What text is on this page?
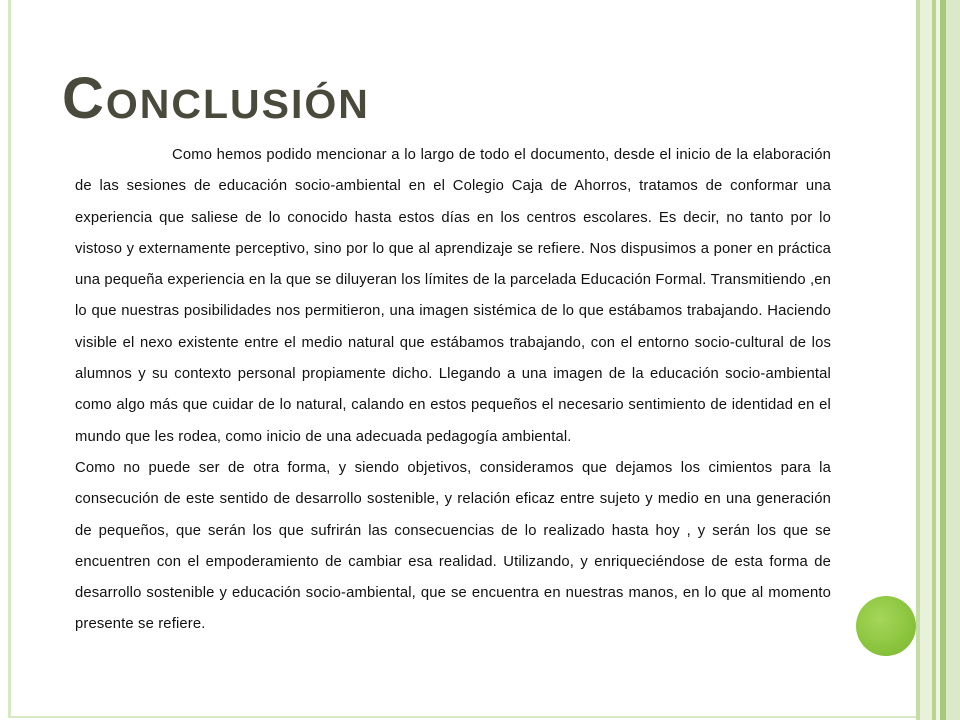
Conclusión

Como hemos podido mencionar a lo largo de todo el documento, desde el inicio de la elaboración de las sesiones de educación socio-ambiental en el Colegio Caja de Ahorros, tratamos de conformar una experiencia que saliese de lo conocido hasta estos días en los centros escolares. Es decir, no tanto por lo vistoso y externamente perceptivo, sino por lo que al aprendizaje se refiere. Nos dispusimos a poner en práctica una pequeña experiencia en la que se diluyeran los límites de la parcelada Educación Formal. Transmitiendo ,en lo que nuestras posibilidades nos permitieron, una imagen sistémica de lo que estábamos trabajando. Haciendo visible el nexo existente entre el medio natural que estábamos trabajando, con el entorno socio-cultural de los alumnos y su contexto personal propiamente dicho. Llegando a una imagen de la educación socio-ambiental como algo más que cuidar de lo natural, calando en estos pequeños el necesario sentimiento de identidad en el mundo que les rodea, como inicio de una adecuada pedagogía ambiental.

Como no puede ser de otra forma, y siendo objetivos, consideramos que dejamos los cimientos para la consecución de este sentido de desarrollo sostenible, y relación eficaz entre sujeto y medio en una generación de pequeños, que serán los que sufrirán las consecuencias de lo realizado hasta hoy , y serán los que se encuentren con el empoderamiento de cambiar esa realidad. Utilizando, y enriqueciéndose de esta forma de desarrollo sostenible y educación socio-ambiental, que se encuentra en nuestras manos, en lo que al momento presente se refiere.
